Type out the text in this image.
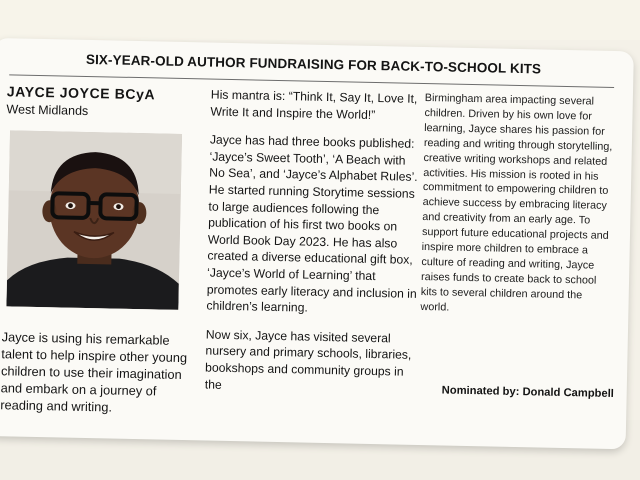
SIX-YEAR-OLD AUTHOR FUNDRAISING FOR BACK-TO-SCHOOL KITS
JAYCE JOYCE BCyA
West Midlands

Jayce is using his remarkable talent to help inspire other young children to use their imagination and embark on a journey of reading and writing.

His mantra is: “Think It, Say It, Love It, Write It and Inspire the World!”

Jayce has had three books published: ‘Jayce’s Sweet Tooth’, ‘A Beach with No Sea’, and ‘Jayce’s Alphabet Rules’. He started running Storytime sessions to large audiences following the publication of his first two books on World Book Day 2023. He has also created a diverse educational gift box, ‘Jayce’s World of Learning’ that promotes early literacy and inclusion in children’s learning.

Now six, Jayce has visited several nursery and primary schools, libraries, bookshops and community groups in the

Birmingham area impacting several children. Driven by his own love for learning, Jayce shares his passion for reading and writing through storytelling, creative writing workshops and related activities. His mission is rooted in his commitment to empowering children to achieve success by embracing literacy and creativity from an early age. To support future educational projects and inspire more children to embrace a culture of reading and writing, Jayce raises funds to create back to school kits to several children around the world.

Nominated by: Donald Campbell
